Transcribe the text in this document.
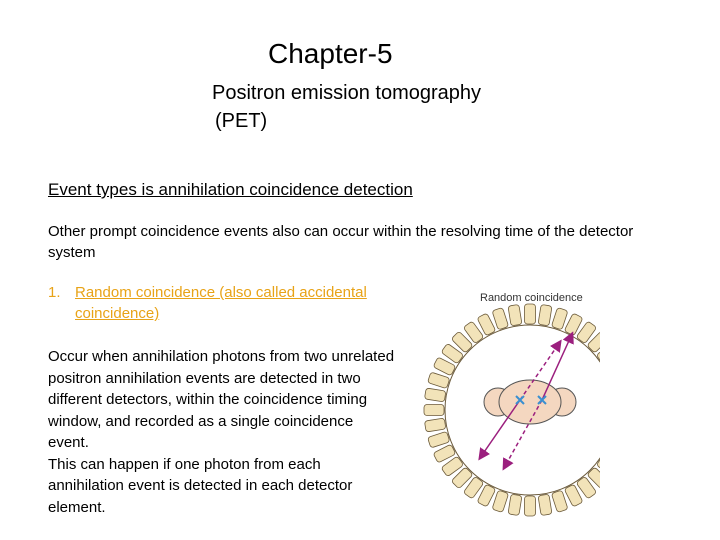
Chapter-5
Positron emission tomography
(PET)
Event types is annihilation coincidence detection
Other prompt coincidence events also can occur within the resolving time of the detector system
1. Random coincidence (also called accidental coincidence)

Occur when annihilation photons from two unrelated positron annihilation events are detected in two different detectors, within the coincidence timing window, and recorded as a single coincidence event.

This can happen if one photon from each annihilation event is detected in each detector element.

Random coincidence
